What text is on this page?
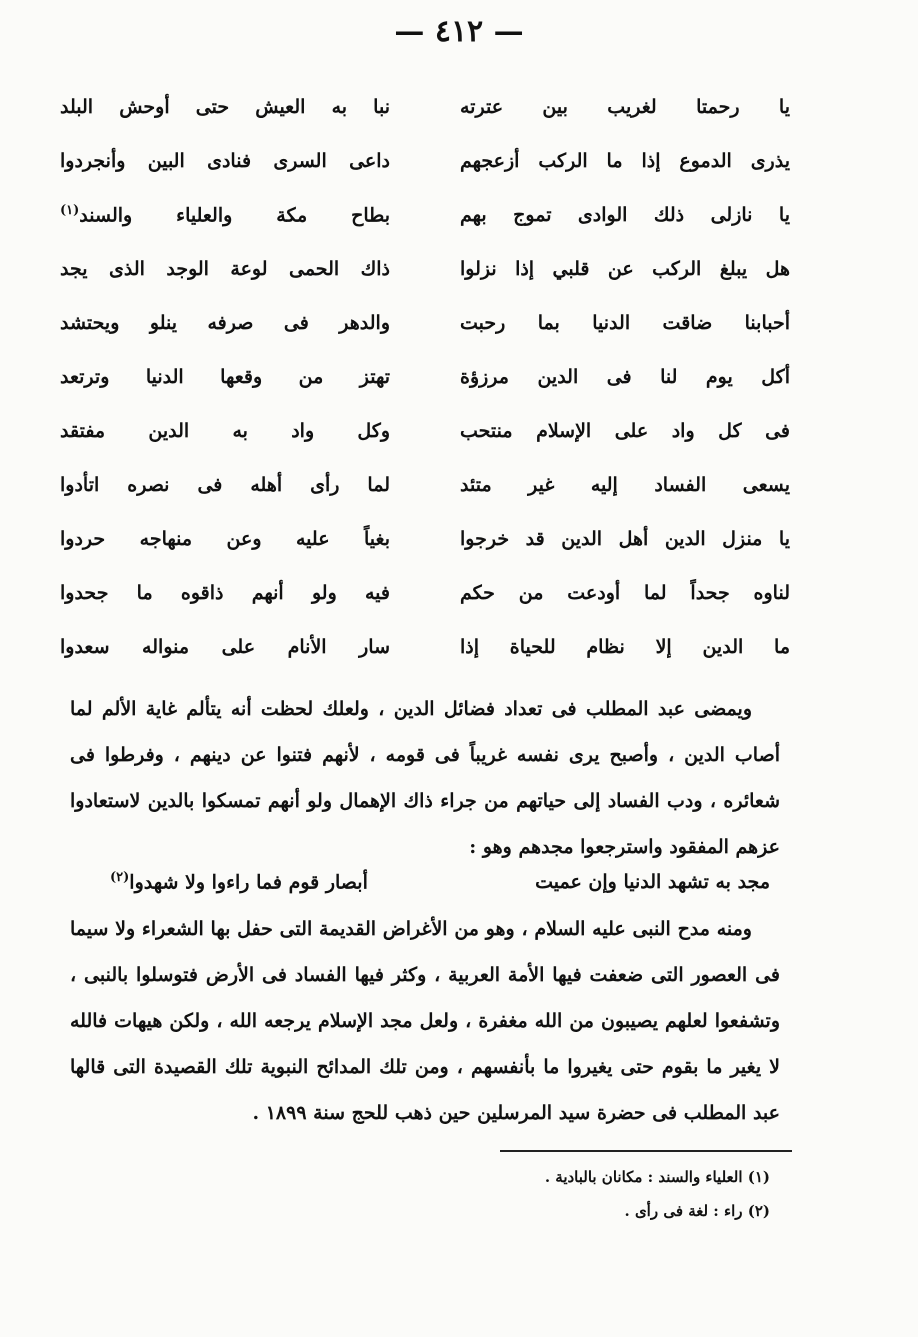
— ٤١٢ —
يا رحمتا لغريب بين عترته
نبا به العيش حتى أوحش البلد
يذرى الدموع إذا ما الركب أزعجهم
داعى السرى فنادى البين وأنجردوا
يا نازلى ذلك الوادى تموج بهم
بطاح مكة والعلياء والسند$^{(١)}$
هل يبلغ الركب عن قلبي إذا نزلوا
ذاك الحمى لوعة الوجد الذى يجد
أحبابنا ضاقت الدنيا بما رحبت
والدهر فى صرفه ينلو ويحتشد
أكل يوم لنا فى الدين مرزؤة
تهتز من وقعها الدنيا وترتعد
فى كل واد على الإسلام منتحب
وكل واد به الدين مفتقد
يسعى الفساد إليه غير متئد
لما رأى أهله فى نصره اتأدوا
يا منزل الدين أهل الدين قد خرجوا
بغياً عليه وعن منهاجه حردوا
لناوه جحداً لما أودعت من حكم
فيه ولو أنهم ذاقوه ما جحدوا
ما الدين إلا نظام للحياة إذا
سار الأنام على منواله سعدوا

ويمضى عبد المطلب فى تعداد فضائل الدين ، ولعلك لحظت أنه يتألم غاية الألم لما أصاب الدين ، وأصبح يرى نفسه غريباً فى قومه ، لأنهم فتنوا عن دينهم ، وفرطوا فى شعائره ، ودب الفساد إلى حياتهم من جراء ذاك الإهمال ولو أنهم تمسكوا بالدين لاستعادوا عزهم المفقود واسترجعوا مجدهم وهو :

مجد به تشهد الدنيا وإن عميت
أبصار قوم فما راءوا ولا شهدوا$^{(٢)}$

ومنه مدح النبى عليه السلام ، وهو من الأغراض القديمة التى حفل بها الشعراء ولا سيما فى العصور التى ضعفت فيها الأمة العربية ، وكثر فيها الفساد فى الأرض فتوسلوا بالنبى ، وتشفعوا لعلهم يصيبون من الله مغفرة ، ولعل مجد الإسلام يرجعه الله ، ولكن هيهات فالله لا يغير ما بقوم حتى يغيروا ما بأنفسهم ، ومن تلك المدائح النبوية تلك القصيدة التى قالها عبد المطلب فى حضرة سيد المرسلين حين ذهب للحج سنة ١٨٩٩ .

(١) العلياء والسند : مكانان بالبادية .
(٢) راء : لغة فى رأى .
